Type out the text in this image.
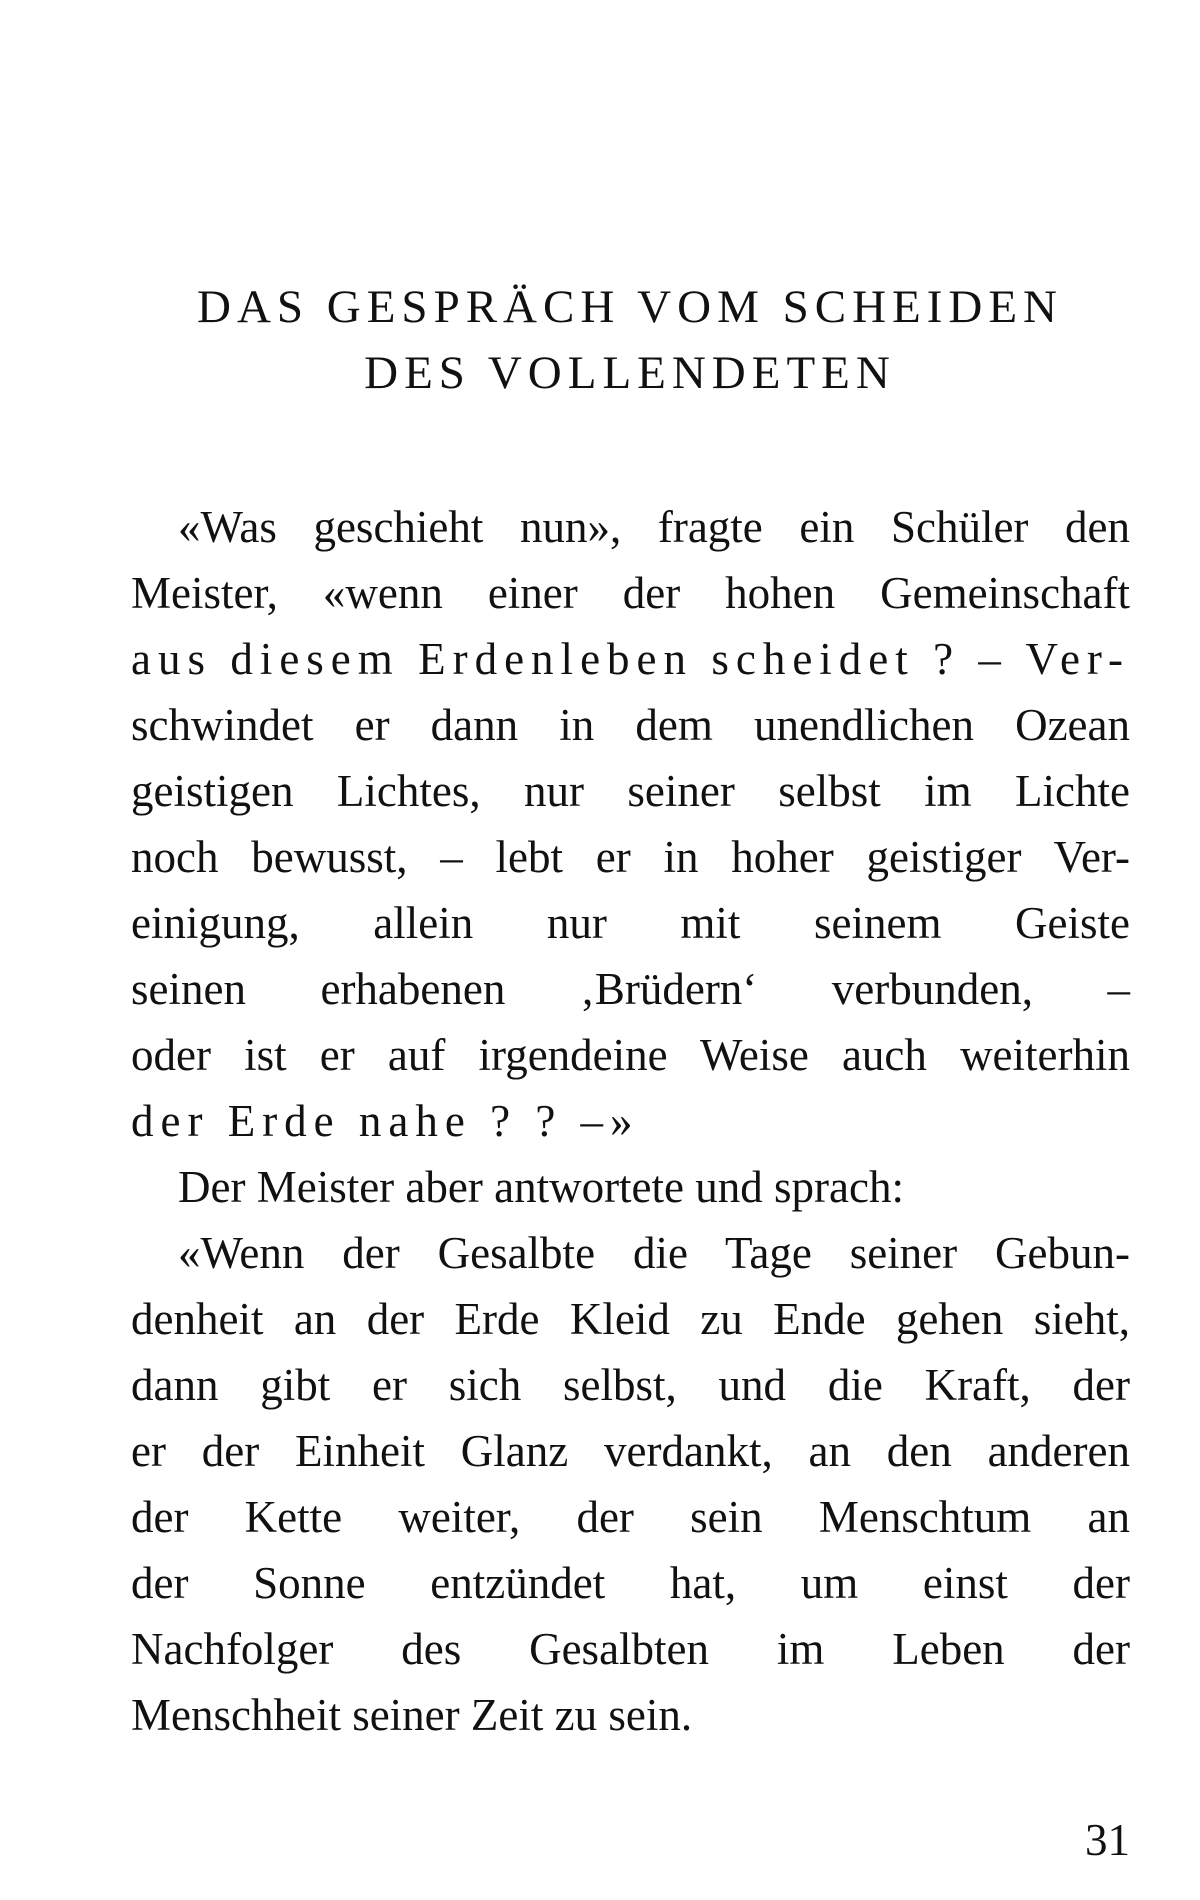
DAS GESPRÄCH VOM SCHEIDEN
DES VOLLENDETEN
«Was geschieht nun», fragte ein Schüler den
Meister, «wenn einer der hohen Gemeinschaft
aus diesem Erdenleben scheidet ? – Ver-
schwindet er dann in dem unendlichen Ozean
geistigen Lichtes, nur seiner selbst im Lichte
noch bewusst, – lebt er in hoher geistiger Ver-
einigung, allein nur mit seinem Geiste
seinen erhabenen ‚Brüdern‘ verbunden, –
oder ist er auf irgendeine Weise auch weiterhin
der Erde nahe ? ? –»
Der Meister aber antwortete und sprach:
«Wenn der Gesalbte die Tage seiner Gebun-
denheit an der Erde Kleid zu Ende gehen sieht,
dann gibt er sich selbst, und die Kraft, der
er der Einheit Glanz verdankt, an den anderen
der Kette weiter, der sein Menschtum an
der Sonne entzündet hat, um einst der
Nachfolger des Gesalbten im Leben der
Menschheit seiner Zeit zu sein.
31
